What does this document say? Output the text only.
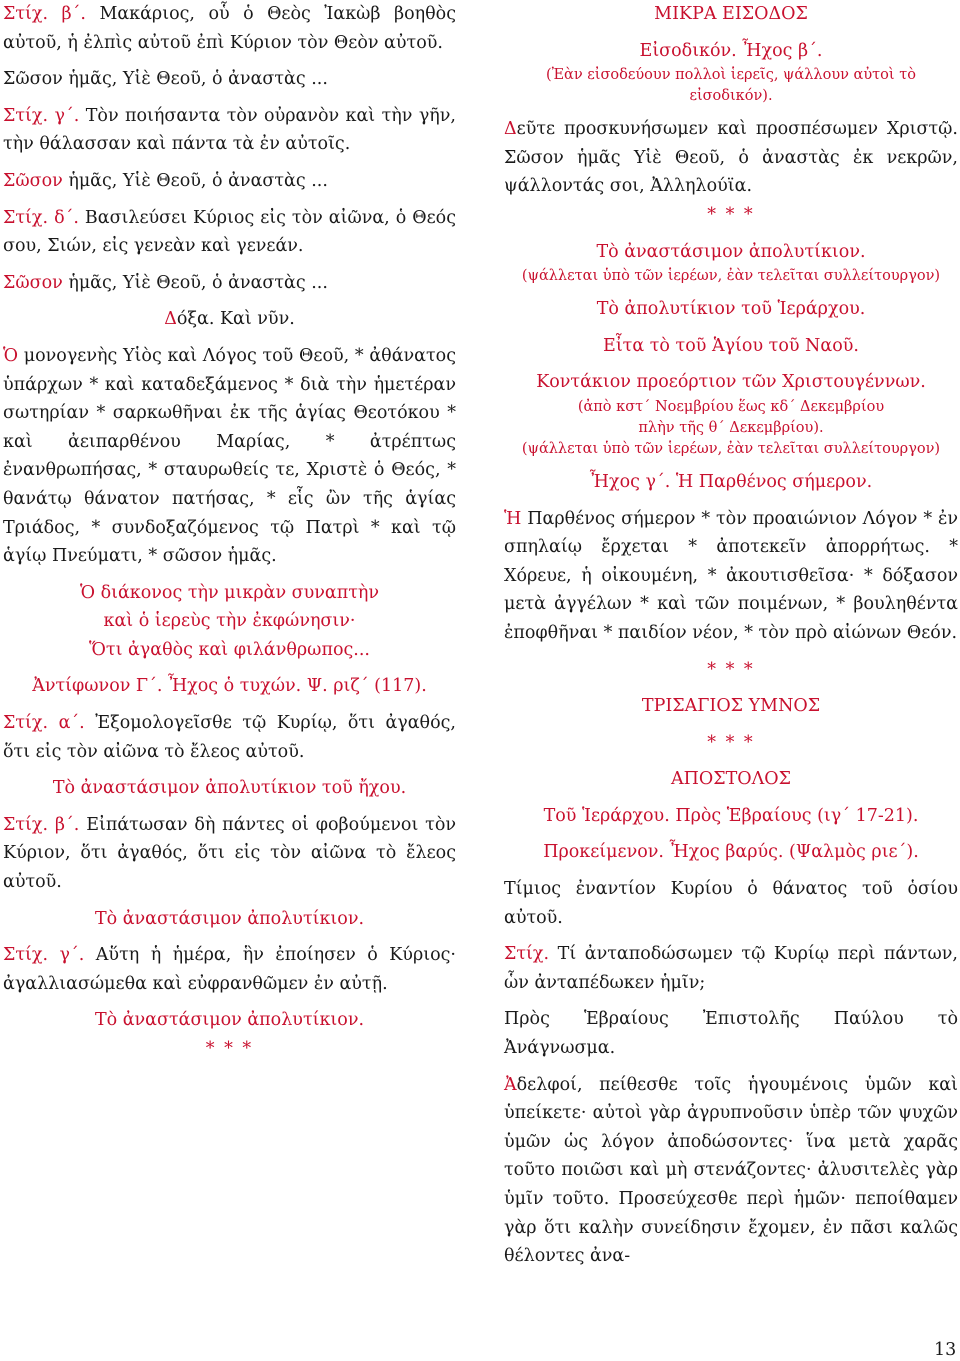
Στίχ. β΄. Μακάριος, οὗ ὁ Θεὸς Ἰακὼβ βοηθὸς αὐτοῦ, ἡ ἐλπὶς αὐτοῦ ἐπὶ Κύριον τὸν Θεὸν αὐτοῦ.

Σῶσον ἡμᾶς, Υἱὲ Θεοῦ, ὁ ἀναστὰς ...

Στίχ. γ΄. Τὸν ποιήσαντα τὸν οὐρανὸν καὶ τὴν γῆν, τὴν θάλασσαν καὶ πάντα τὰ ἐν αὐτοῖς.

Σῶσον ἡμᾶς, Υἱὲ Θεοῦ, ὁ ἀναστὰς ...

Στίχ. δ΄. Βασιλεύσει Κύριος εἰς τὸν αἰῶνα, ὁ Θεός σου, Σιών, εἰς γενεὰν καὶ γενεάν.

Σῶσον ἡμᾶς, Υἱὲ Θεοῦ, ὁ ἀναστὰς ...

Δόξα. Καὶ νῦν.

Ὁ μονογενὴς Υἱὸς καὶ Λόγος τοῦ Θεοῦ, * ἀθάνατος ὑπάρχων * καὶ καταδεξάμενος * διὰ τὴν ἡμετέραν σωτηρίαν * σαρκωθῆναι ἐκ τῆς ἁγίας Θεοτόκου * καὶ ἀειπαρθένου Μαρίας, * ἀτρέπτως ἐνανθρωπήσας, * σταυρωθείς τε, Χριστὲ ὁ Θεός, * θανάτῳ θάνατον πατήσας, * εἷς ὢν τῆς ἁγίας Τριάδος, * συνδοξαζόμενος τῷ Πατρὶ * καὶ τῷ ἁγίῳ Πνεύματι, * σῶσον ἡμᾶς.

Ὁ διάκονος τὴν μικρὰν συναπτὴν

καὶ ὁ ἱερεὺς τὴν ἐκφώνησιν·

Ὅτι ἀγαθὸς καὶ φιλάνθρωπος...

Ἀντίφωνον Γ΄. Ἦχος ὁ τυχών. Ψ. ριζ΄ (117).

Στίχ. α΄. Ἐξομολογεῖσθε τῷ Κυρίῳ, ὅτι ἀγαθός, ὅτι εἰς τὸν αἰῶνα τὸ ἔλεος αὐτοῦ.

Τὸ ἀναστάσιμον ἀπολυτίκιον τοῦ ἤχου.

Στίχ. β΄. Εἰπάτωσαν δὴ πάντες οἱ φοβούμενοι τὸν Κύριον, ὅτι ἀγαθός, ὅτι εἰς τὸν αἰῶνα τὸ ἔλεος αὐτοῦ.

Τὸ ἀναστάσιμον ἀπολυτίκιον.

Στίχ. γ΄. Αὕτη ἡ ἡμέρα, ἣν ἐποίησεν ὁ Κύριος· ἀγαλλιασώμεθα καὶ εὐφρανθῶμεν ἐν αὐτῇ.

Τὸ ἀναστάσιμον ἀπολυτίκιον.

* * *

ΜΙΚΡΑ ΕΙΣΟΔΟΣ

Εἰσοδικόν. Ἦχος β΄.

(Ἐὰν εἰσοδεύουν πολλοὶ ἱερεῖς, ψάλλουν αὐτοὶ τὸ εἰσοδικόν).

Δεῦτε προσκυνήσωμεν καὶ προσπέσωμεν Χριστῷ. Σῶσον ἡμᾶς Υἱὲ Θεοῦ, ὁ ἀναστὰς ἐκ νεκρῶν, ψάλλοντάς σοι, Ἀλληλούϊα.

* * *

Τὸ ἀναστάσιμον ἀπολυτίκιον.

(ψάλλεται ὑπὸ τῶν ἱερέων, ἐὰν τελεῖται συλλείτουργον)

Τὸ ἀπολυτίκιον τοῦ Ἱεράρχου.

Εἶτα τὸ τοῦ Ἁγίου τοῦ Ναοῦ.

Κοντάκιον προεόρτιον τῶν Χριστουγέννων.

(ἀπὸ κστ΄ Νοεμβρίου ἕως κδ΄ Δεκεμβρίου

πλὴν τῆς θ΄ Δεκεμβρίου).

(ψάλλεται ὑπὸ τῶν ἱερέων, ἐὰν τελεῖται συλλείτουργον)

Ἦχος γ΄. Ἡ Παρθένος σήμερον.

Ἡ Παρθένος σήμερον * τὸν προαιώνιον Λόγον * ἐν σπηλαίῳ ἔρχεται * ἀποτεκεῖν ἀπορρήτως. * Χόρευε, ἡ οἰκουμένη, * ἀκουτισθεῖσα· * δόξασον μετὰ ἀγγέλων * καὶ τῶν ποιμένων, * βουληθέντα ἐποφθῆναι * παιδίον νέον, * τὸν πρὸ αἰώνων Θεόν.

* * *

ΤΡΙΣΑΓΙΟΣ ΥΜΝΟΣ

* * *

ΑΠΟΣΤΟΛΟΣ

Τοῦ Ἱεράρχου. Πρὸς Ἑβραίους (ιγ΄ 17-21).

Προκείμενον. Ἦχος βαρύς. (Ψαλμὸς ριε΄).

Τίμιος ἐναντίον Κυρίου ὁ θάνατος τοῦ ὁσίου αὐτοῦ.

Στίχ. Τί ἀνταποδώσωμεν τῷ Κυρίῳ περὶ πάντων, ὧν ἀνταπέδωκεν ἡμῖν;

Πρὸς Ἑβραίους Ἐπιστολῆς Παύλου τὸ Ἀνάγνωσμα.

Ἀδελφοί, πείθεσθε τοῖς ἡγουμένοις ὑμῶν καὶ ὑπείκετε· αὐτοὶ γὰρ ἀγρυπνοῦσιν ὑπὲρ τῶν ψυχῶν ὑμῶν ὡς λόγον ἀποδώσοντες· ἵνα μετὰ χαρᾶς τοῦτο ποιῶσι καὶ μὴ στενάζοντες· ἀλυσιτελὲς γὰρ ὑμῖν τοῦτο. Προσεύχεσθε περὶ ἡμῶν· πεποίθαμεν γὰρ ὅτι καλὴν συνείδησιν ἔχομεν, ἐν πᾶσι καλῶς θέλοντες ἀνα-

13
